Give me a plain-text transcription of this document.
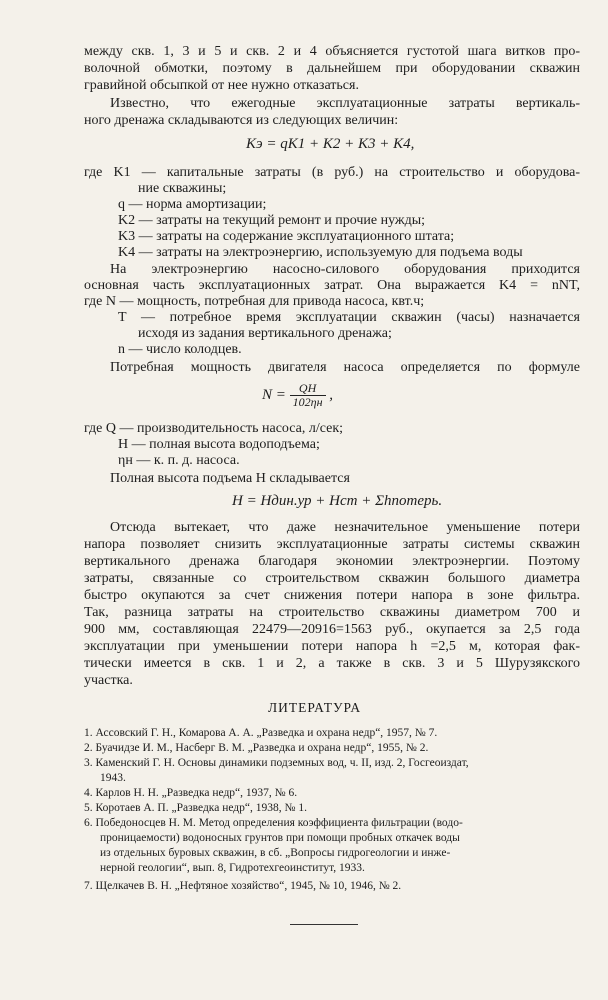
между скв. 1, 3 и 5 и скв. 2 и 4 объясняется густотой шага витков про-
волочной обмотки, поэтому в дальнейшем при оборудовании скважин
гравийной обсыпкой от нее нужно отказаться.
Известно, что ежегодные эксплуатационные затраты вертикаль-
ного дренажа складываются из следующих величин:
Kэ = qK1 + K2 + K3 + K4,
где K1 — капитальные затраты (в руб.) на строительство и оборудова-
ние скважины;
q — норма амортизации;
K2 — затраты на текущий ремонт и прочие нужды;
K3 — затраты на содержание эксплуатационного штата;
K4 — затраты на электроэнергию, используемую для подъема воды
На электроэнергию насосно-силового оборудования приходится
основная часть эксплуатационных затрат. Она выражается K4 = nNT,
где N — мощность, потребная для привода насоса, квт.ч;
T — потребное время эксплуатации скважин (часы) назначается
исходя из задания вертикального дренажа;
n — число колодцев.
Потребная мощность двигателя насоса определяется по формуле
$N = \frac{QH}{102\eta н}$ ,
где Q — производительность насоса, л/сек;
H — полная высота водоподъема;
ηн — к. п. д. насоса.
Полная высота подъема H складывается
H = Hдин.ур + Hст + Σhпотерь.
Отсюда вытекает, что даже незначительное уменьшение потери
напора позволяет снизить эксплуатационные затраты системы скважин
вертикального дренажа благодаря экономии электроэнергии. Поэтому
затраты, связанные со строительством скважин большого диаметра
быстро окупаются за счет снижения потери напора в зоне фильтра.
Так, разница затраты на строительство скважины диаметром 700 и
900 мм, составляющая 22479—20916=1563 руб., окупается за 2,5 года
эксплуатации при уменьшении потери напора h =2,5 м, которая фак-
тически имеется в скв. 1 и 2, а также в скв. 3 и 5 Шурузякского
участка.
ЛИТЕРАТУРА
1. Ассовский Г. Н., Комарова А. А. „Разведка и охрана недр“, 1957, № 7.
2. Буачидзе И. М., Насберг В. М. „Разведка и охрана недр“, 1955, № 2.
3. Каменский Г. Н. Основы динамики подземных вод, ч. II, изд. 2, Госгеоиздат,
1943.
4. Карлов Н. Н. „Разведка недр“, 1937, № 6.
5. Коротаев А. П. „Разведка недр“, 1938, № 1.
6. Победоносцев Н. М. Метод определения коэффициента фильтрации (водо-
проницаемости) водоносных грунтов при помощи пробных откачек воды
из отдельных буровых скважин, в сб. „Вопросы гидрогеологии и инже-
нерной геологии“, вып. 8, Гидротехгеоинститут, 1933.
7. Щелкачев В. Н. „Нефтяное хозяйство“, 1945, № 10, 1946, № 2.
